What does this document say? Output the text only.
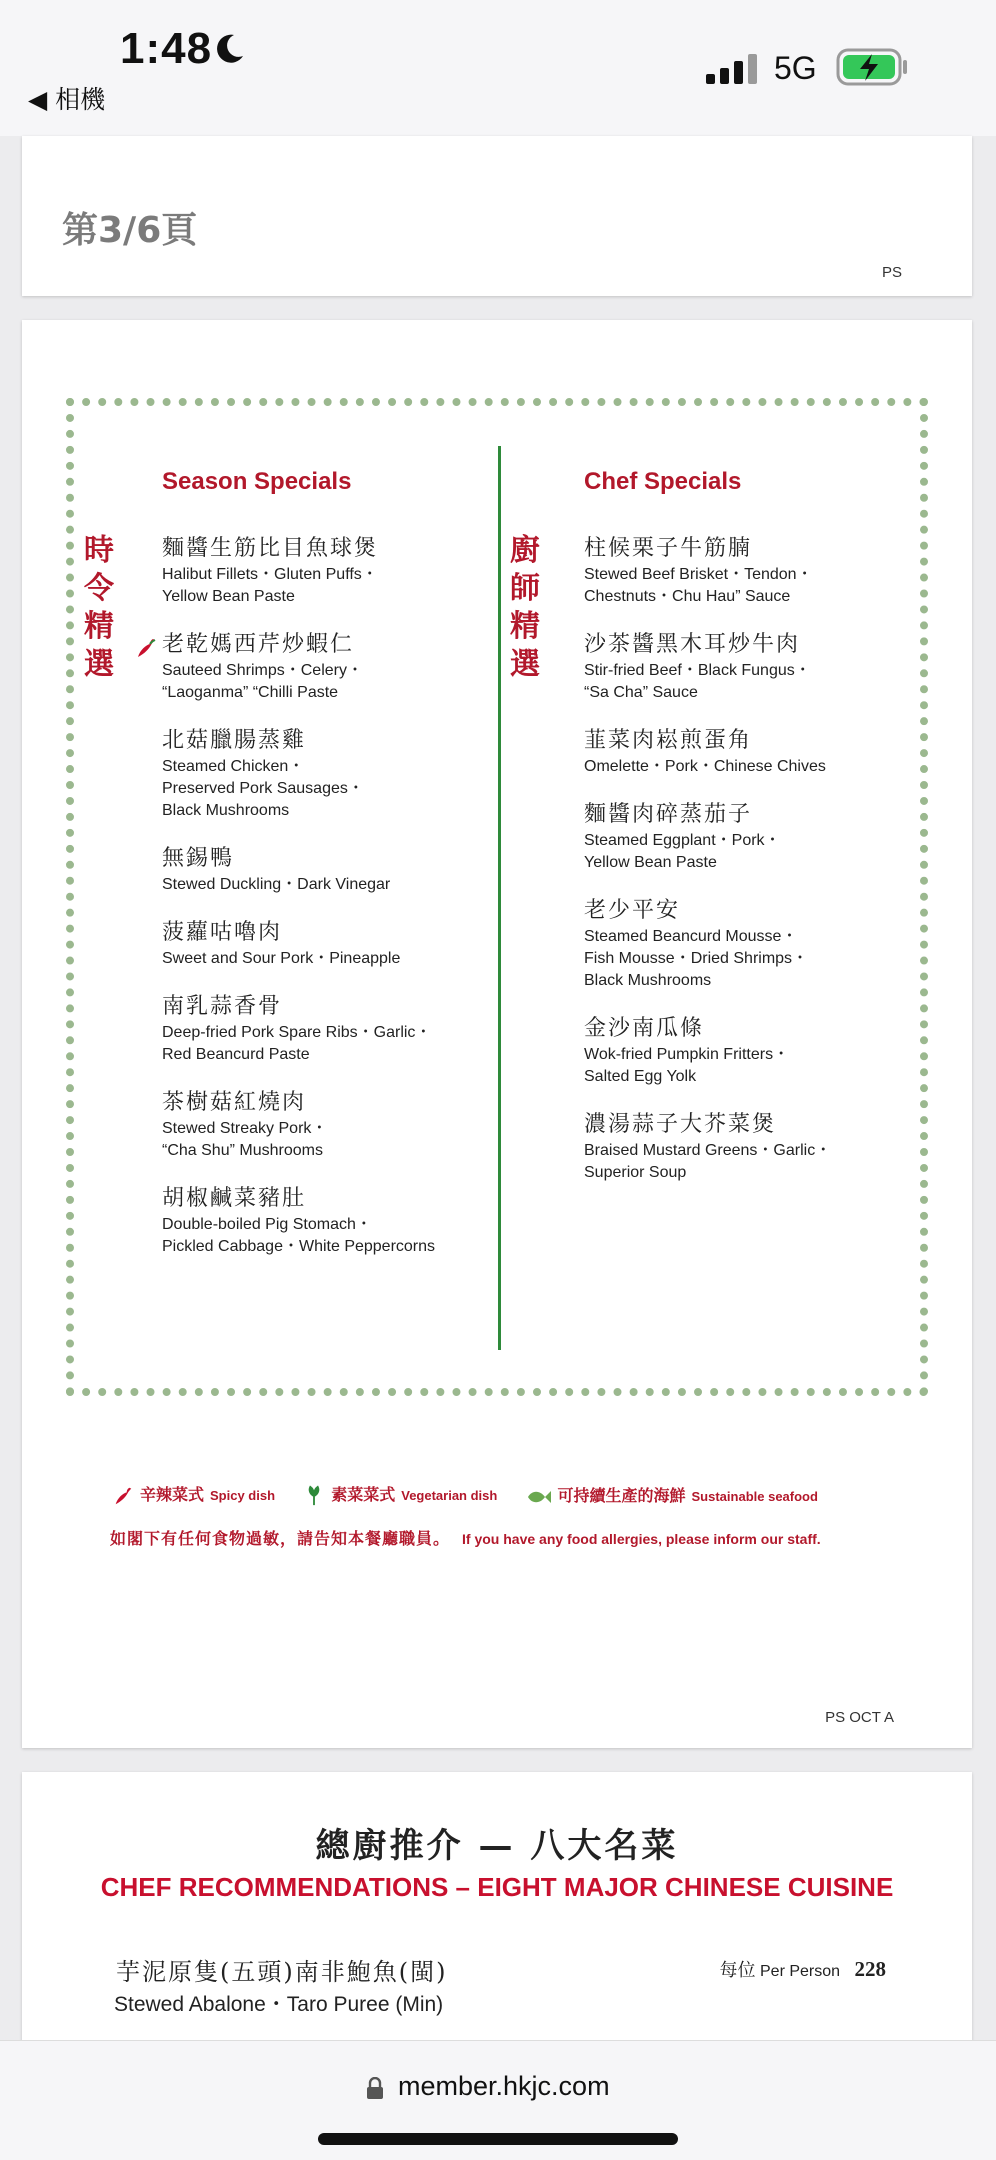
1:48
◀ 相機
5G
第3/6頁
PS
時
令
精
選
廚
師
精
選
Season Specials	Chef Specials
麵醬生筋比目魚球煲
Halibut Fillets・Gluten Puffs・
Yellow Bean Paste
老乾媽西芹炒蝦仁
Sauteed Shrimps・Celery・
“Laoganma” “Chilli Paste
北菇臘腸蒸雞
Steamed Chicken・
Preserved Pork Sausages・
Black Mushrooms
無錫鴨
Stewed Duckling・Dark Vinegar
菠蘿咕嚕肉
Sweet and Sour Pork・Pineapple
南乳蒜香骨
Deep-fried Pork Spare Ribs・Garlic・
Red Beancurd Paste
茶樹菇紅燒肉
Stewed Streaky Pork・
“Cha Shu” Mushrooms
胡椒鹹菜豬肚
Double-boiled Pig Stomach・
Pickled Cabbage・White Peppercorns
柱候栗子牛筋腩
Stewed Beef Brisket・Tendon・
Chestnuts・Chu Hau” Sauce
沙茶醬黑木耳炒牛肉
Stir-fried Beef・Black Fungus・
“Sa Cha” Sauce
韮菜肉崧煎蛋角
Omelette・Pork・Chinese Chives
麵醬肉碎蒸茄子
Steamed Eggplant・Pork・
Yellow Bean Paste
老少平安
Steamed Beancurd Mousse・
Fish Mousse・Dried Shrimps・
Black Mushrooms
金沙南瓜條
Wok-fried Pumpkin Fritters・
Salted Egg Yolk
濃湯蒜子大芥菜煲
Braised Mustard Greens・Garlic・
Superior Soup
辛辣菜式 Spicy dish	素菜菜式 Vegetarian dish	可持續生產的海鮮 Sustainable seafood
如閣下有任何食物過敏，請告知本餐廳職員。 If you have any food allergies, please inform our staff.
PS OCT A
總廚推介 — 八大名菜
CHEF RECOMMENDATIONS – EIGHT MAJOR CHINESE CUISINE
芋泥原隻(五頭)南非鮑魚(閩)
Stewed Abalone・Taro Puree (Min)
每位 Per Person 228
member.hkjc.com
